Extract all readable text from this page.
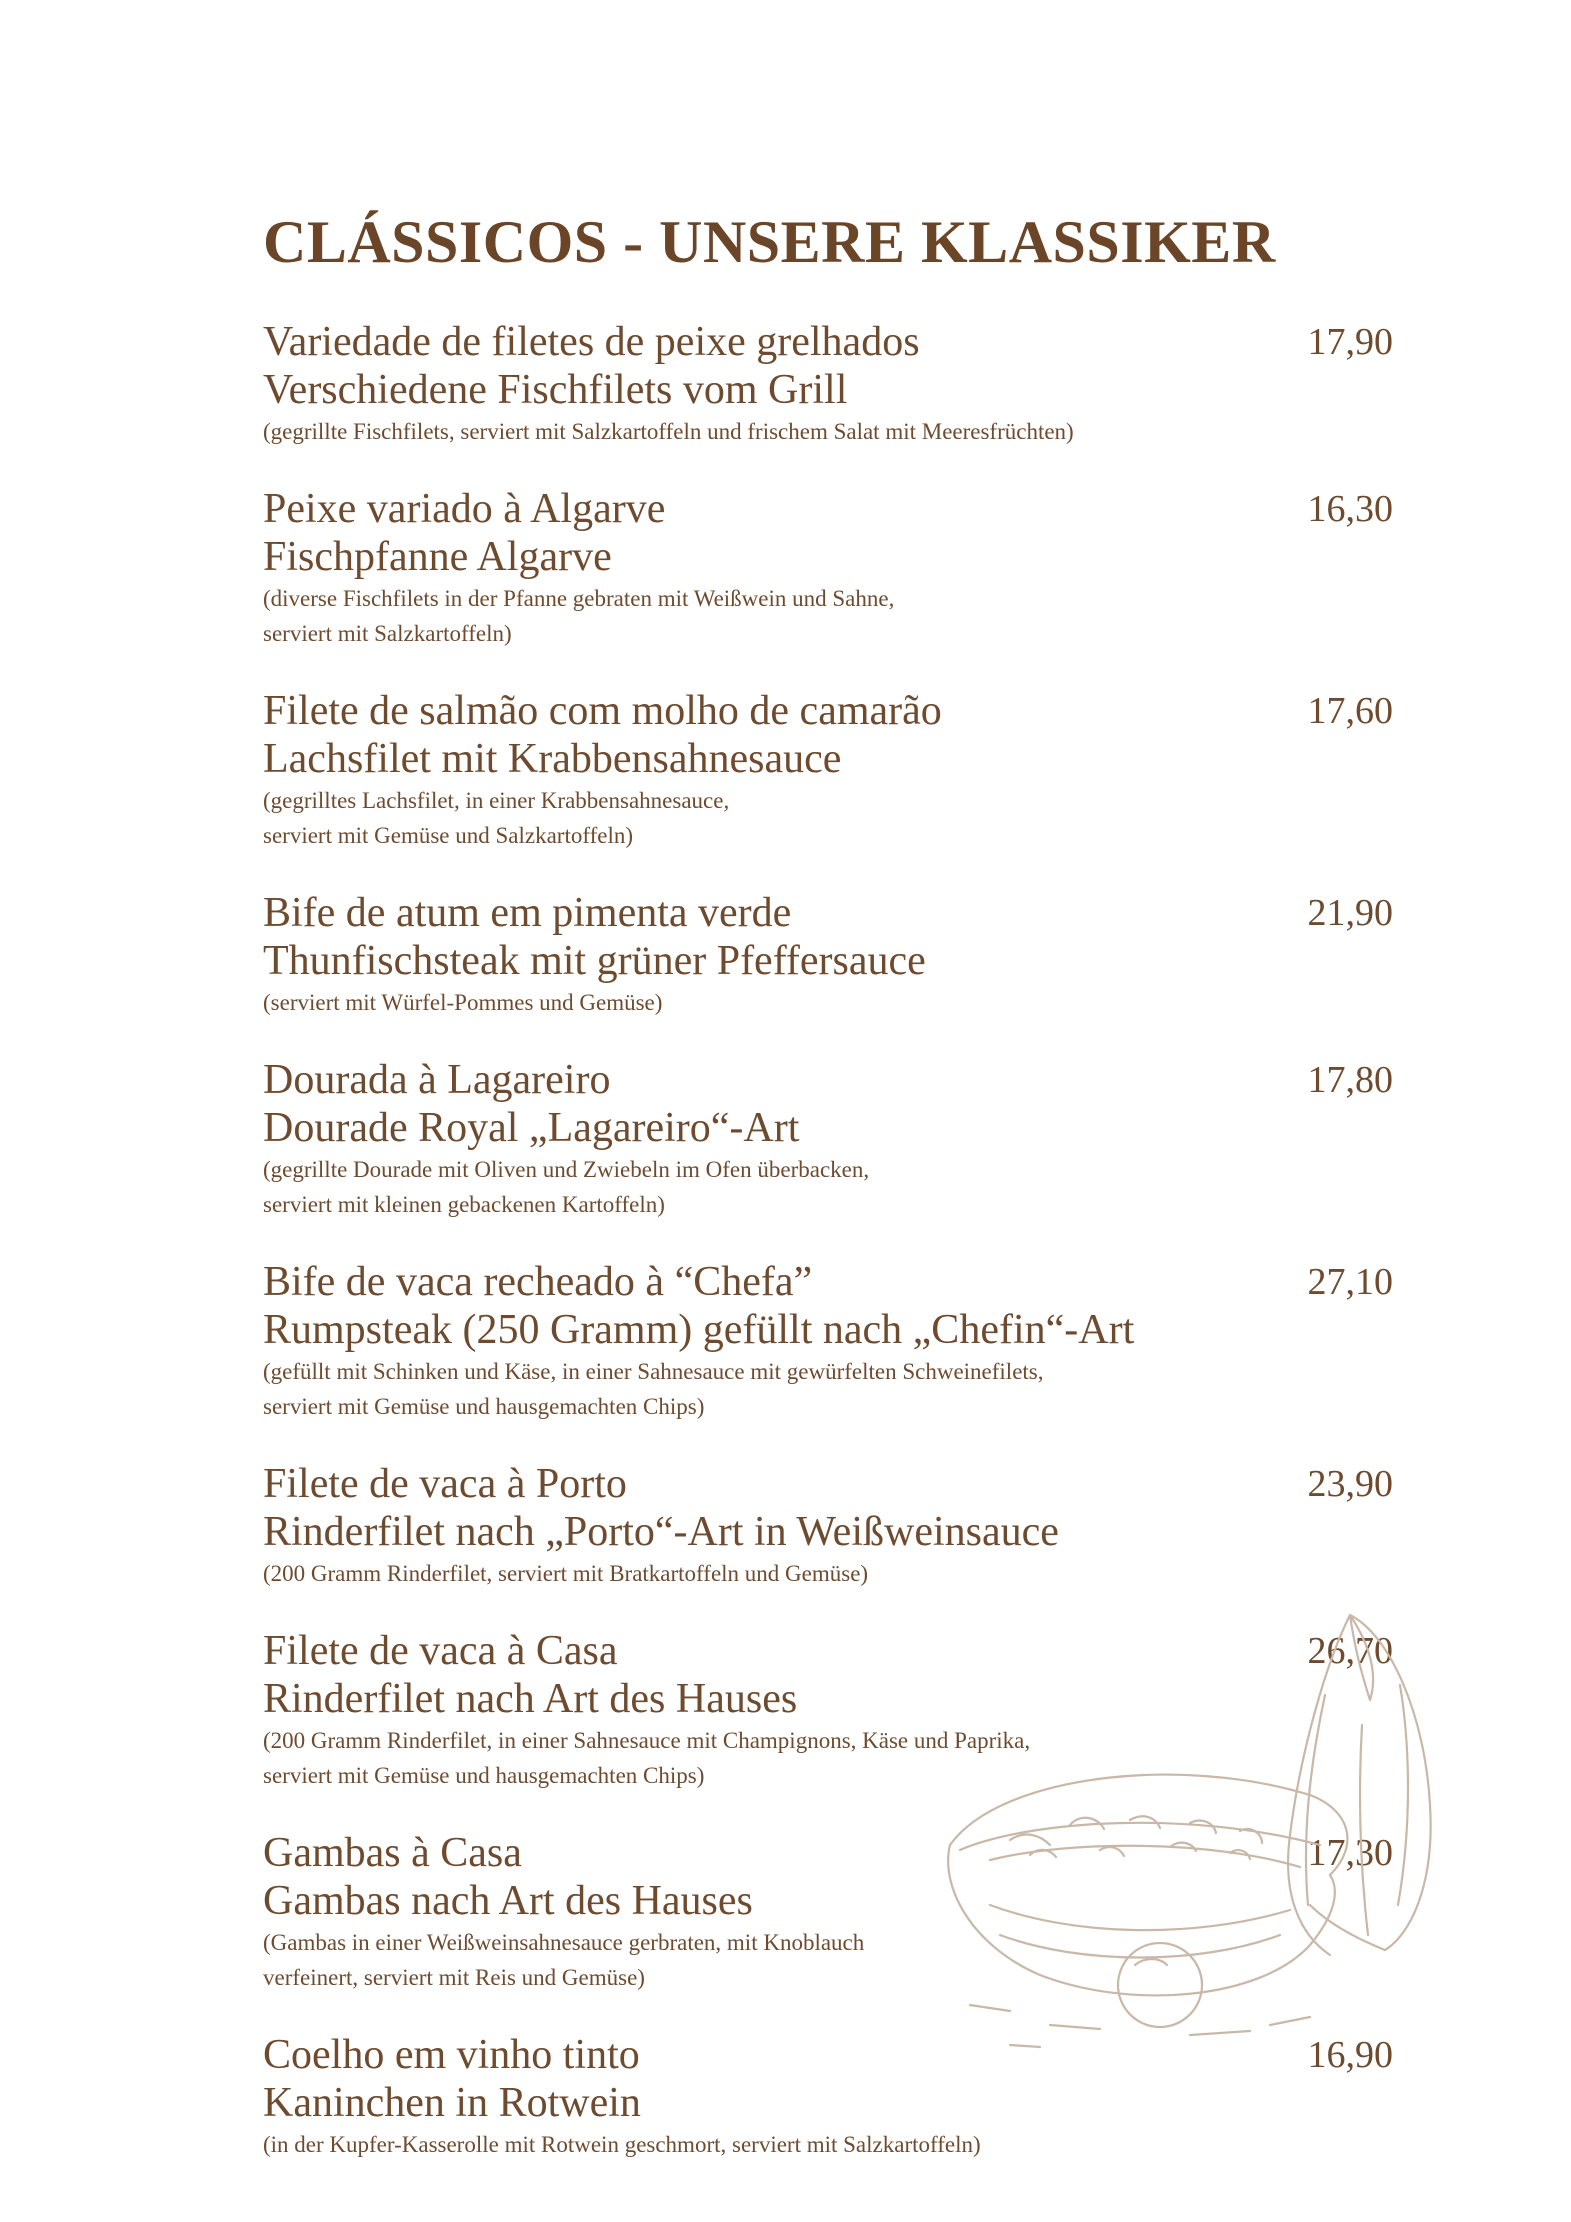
CLÁSSICOS - UNSERE KLASSIKER
Variedade de filetes de peixe grelhados	17,90
Verschiedene Fischfilets vom Grill
(gegrillte Fischfilets, serviert mit Salzkartoffeln und frischem Salat mit Meeresfrüchten)
Peixe variado à Algarve	16,30
Fischpfanne Algarve
(diverse Fischfilets in der Pfanne gebraten mit Weißwein und Sahne,
serviert mit Salzkartoffeln)
Filete de salmão com molho de camarão	17,60
Lachsfilet mit Krabbensahnesauce
(gegrilltes Lachsfilet, in einer Krabbensahnesauce,
serviert mit Gemüse und Salzkartoffeln)
Bife de atum em pimenta verde	21,90
Thunfischsteak mit grüner Pfeffersauce
(serviert mit Würfel-Pommes und Gemüse)
Dourada à Lagareiro	17,80
Dourade Royal „Lagareiro“-Art
(gegrillte Dourade mit Oliven und Zwiebeln im Ofen überbacken,
serviert mit kleinen gebackenen Kartoffeln)
Bife de vaca recheado à “Chefa”	27,10
Rumpsteak (250 Gramm) gefüllt nach „Chefin“-Art
(gefüllt mit Schinken und Käse, in einer Sahnesauce mit gewürfelten Schweinefilets,
serviert mit Gemüse und hausgemachten Chips)
Filete de vaca à Porto	23,90
Rinderfilet nach „Porto“-Art in Weißweinsauce
(200 Gramm Rinderfilet, serviert mit Bratkartoffeln und Gemüse)
Filete de vaca à Casa	26,70
Rinderfilet nach Art des Hauses
(200 Gramm Rinderfilet, in einer Sahnesauce mit Champignons, Käse und Paprika,
serviert mit Gemüse und hausgemachten Chips)
Gambas à Casa	17,30
Gambas nach Art des Hauses
(Gambas in einer Weißweinsahnesauce gerbraten, mit Knoblauch
verfeinert, serviert mit Reis und Gemüse)
Coelho em vinho tinto	16,90
Kaninchen in Rotwein
(in der Kupfer-Kasserolle mit Rotwein geschmort, serviert mit Salzkartoffeln)
